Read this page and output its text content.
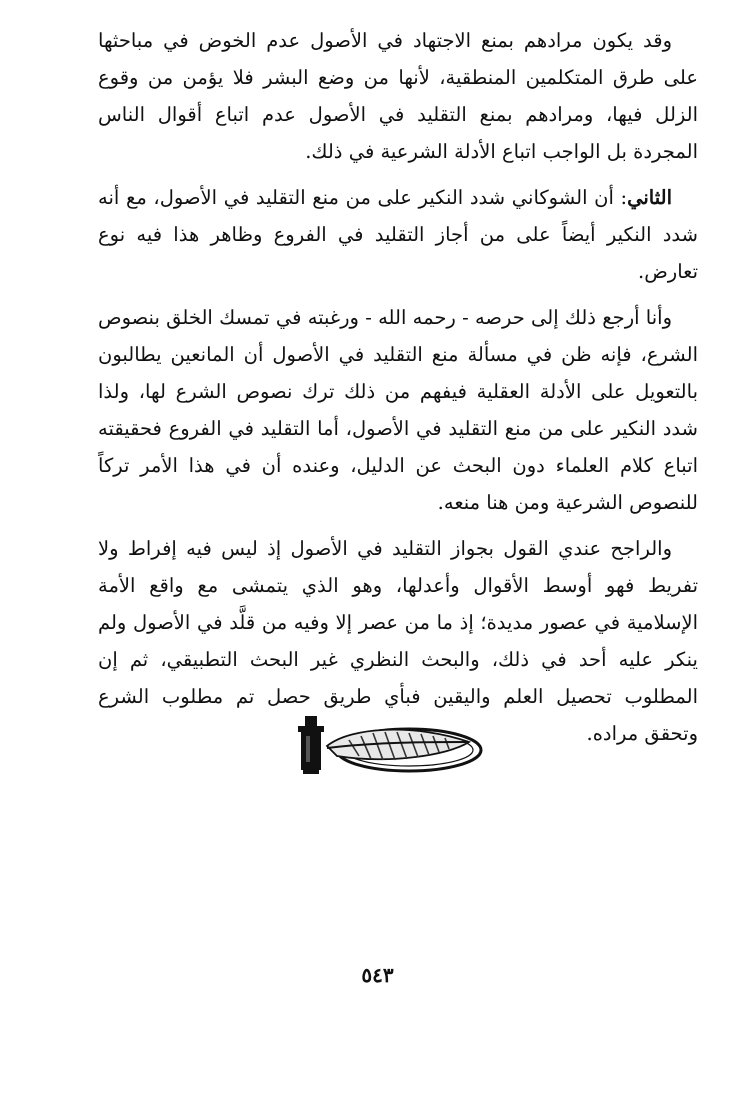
وقد يكون مرادهم بمنع الاجتهاد في الأصول عدم الخوض في مباحثها على طرق المتكلمين المنطقية، لأنها من وضع البشر فلا يؤمن من وقوع الزلل فيها، ومرادهم بمنع التقليد في الأصول عدم اتباع أقوال الناس المجردة بل الواجب اتباع الأدلة الشرعية في ذلك.

الثاني: أن الشوكاني شدد النكير على من منع التقليد في الأصول، مع أنه شدد النكير أيضاً على من أجاز التقليد في الفروع وظاهر هذا فيه نوع تعارض.

وأنا أرجع ذلك إلى حرصه - رحمه الله - ورغبته في تمسك الخلق بنصوص الشرع، فإنه ظن في مسألة منع التقليد في الأصول أن المانعين يطالبون بالتعويل على الأدلة العقلية فيفهم من ذلك ترك نصوص الشرع لها، ولذا شدد النكير على من منع التقليد في الأصول، أما التقليد في الفروع فحقيقته اتباع كلام العلماء دون البحث عن الدليل، وعنده أن في هذا الأمر تركاً للنصوص الشرعية ومن هنا منعه.

والراجح عندي القول بجواز التقليد في الأصول إذ ليس فيه إفراط ولا تفريط فهو أوسط الأقوال وأعدلها، وهو الذي يتمشى مع واقع الأمة الإسلامية في عصور مديدة؛ إذ ما من عصر إلا وفيه من قلَّد في الأصول ولم ينكر عليه أحد في ذلك، والبحث النظري غير البحث التطبيقي، ثم إن المطلوب تحصيل العلم واليقين فبأي طريق حصل تم مطلوب الشرع وتحقق مراده.

٥٤٣
